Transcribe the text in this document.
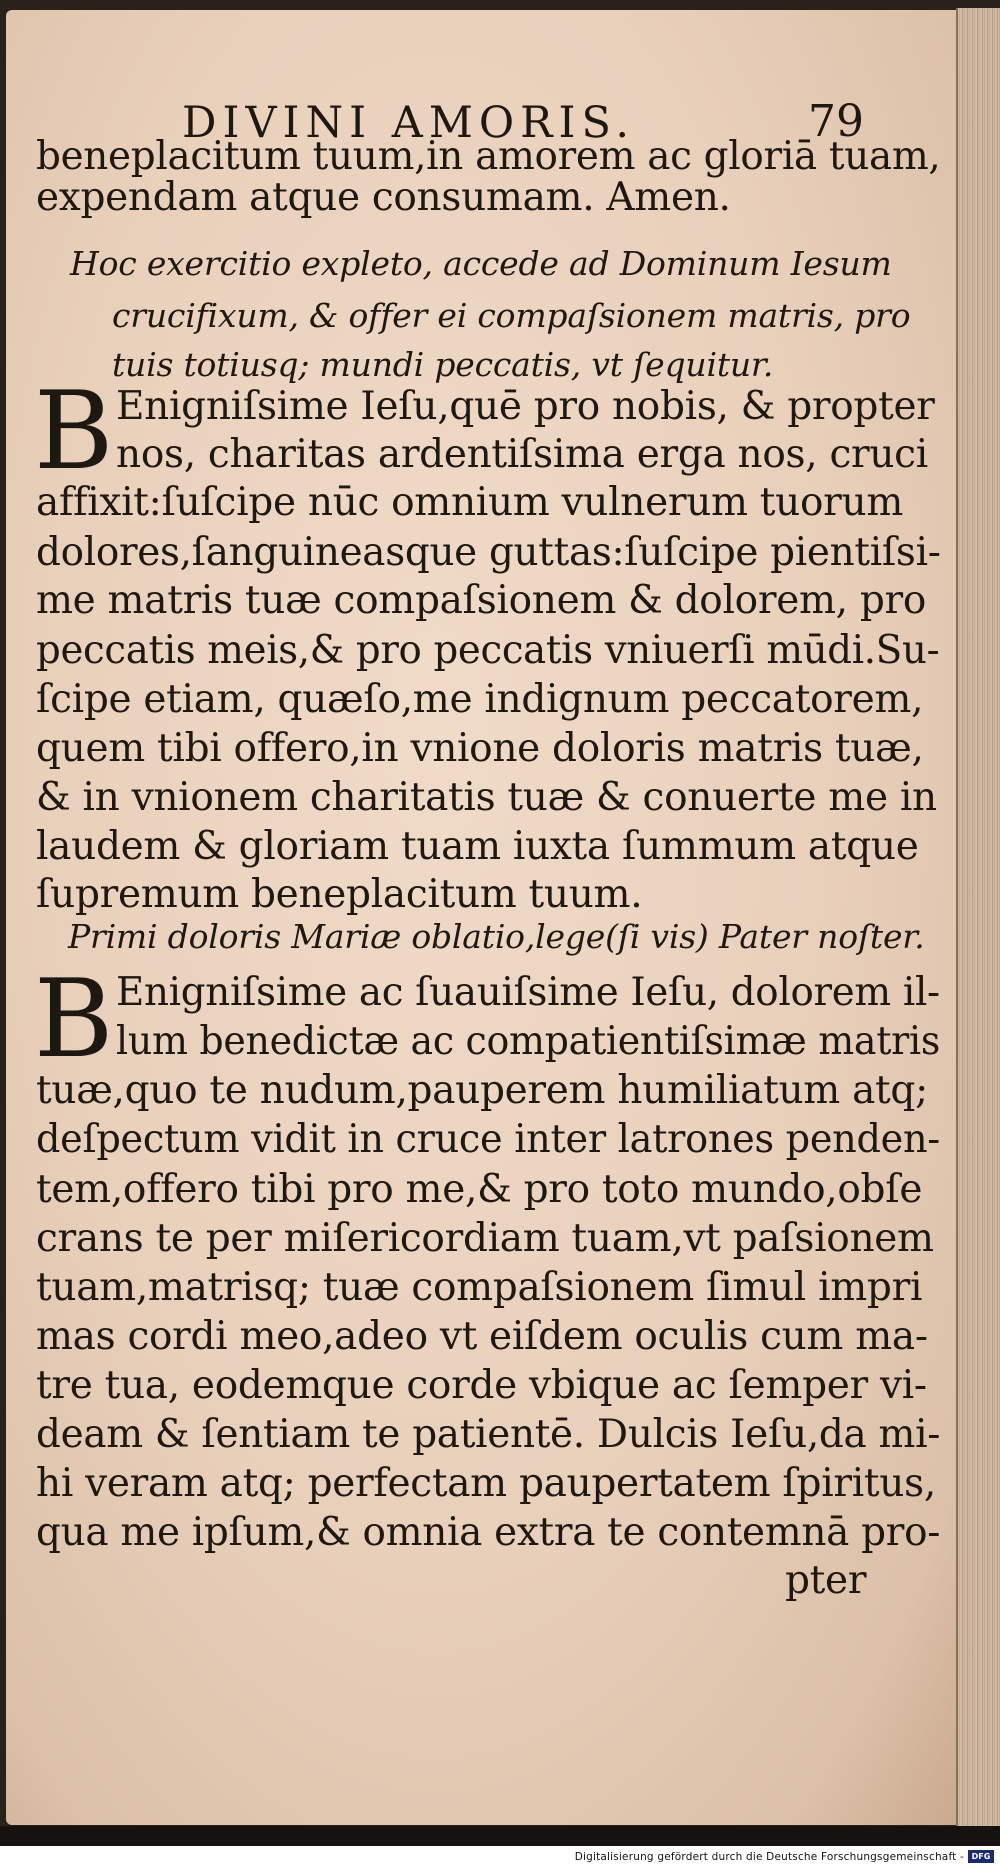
DIVINI AMORIS.	79
beneplacitum tuum,in amorem ac gloriā tuam,
expendam atque consumam. Amen.
Hoc exercitio expleto, accede ad Dominum Iesum
crucifixum, & offer ei compaſsionem matris, pro
tuis totiusq; mundi peccatis, vt ſequitur.
B Enigniſsime Ieſu,quē pro nobis, & propter
nos, charitas ardentiſsima erga nos, cruci
affixit:ſuſcipe nūc omnium vulnerum tuorum
dolores,ſanguineasque guttas:ſuſcipe pientiſsi-
me matris tuæ compaſsionem & dolorem, pro
peccatis meis,& pro peccatis vniuerſi mūdi.Su-
ſcipe etiam, quæſo,me indignum peccatorem,
quem tibi offero,in vnione doloris matris tuæ,
& in vnionem charitatis tuæ & conuerte me in
laudem & gloriam tuam iuxta ſummum atque
ſupremum beneplacitum tuum.
Primi doloris Mariæ oblatio,lege(ſi vis) Pater noſter.
B Enigniſsime ac ſuauiſsime Ieſu, dolorem il-
lum benedictæ ac compatientiſsimæ matris
tuæ,quo te nudum,pauperem humiliatum atq;
deſpectum vidit in cruce inter latrones penden-
tem,offero tibi pro me,& pro toto mundo,obſe
crans te per miſericordiam tuam,vt paſsionem
tuam,matrisq; tuæ compaſsionem ſimul impri
mas cordi meo,adeo vt eiſdem oculis cum ma-
tre tua, eodemque corde vbique ac ſemper vi-
deam & ſentiam te patientē. Dulcis Ieſu,da mi-
hi veram atq; perfectam paupertatem ſpiritus,
qua me ipſum,& omnia extra te contemnā pro-
pter
Digitalisierung gefördert durch die Deutsche Forschungsgemeinschaft - DFG
